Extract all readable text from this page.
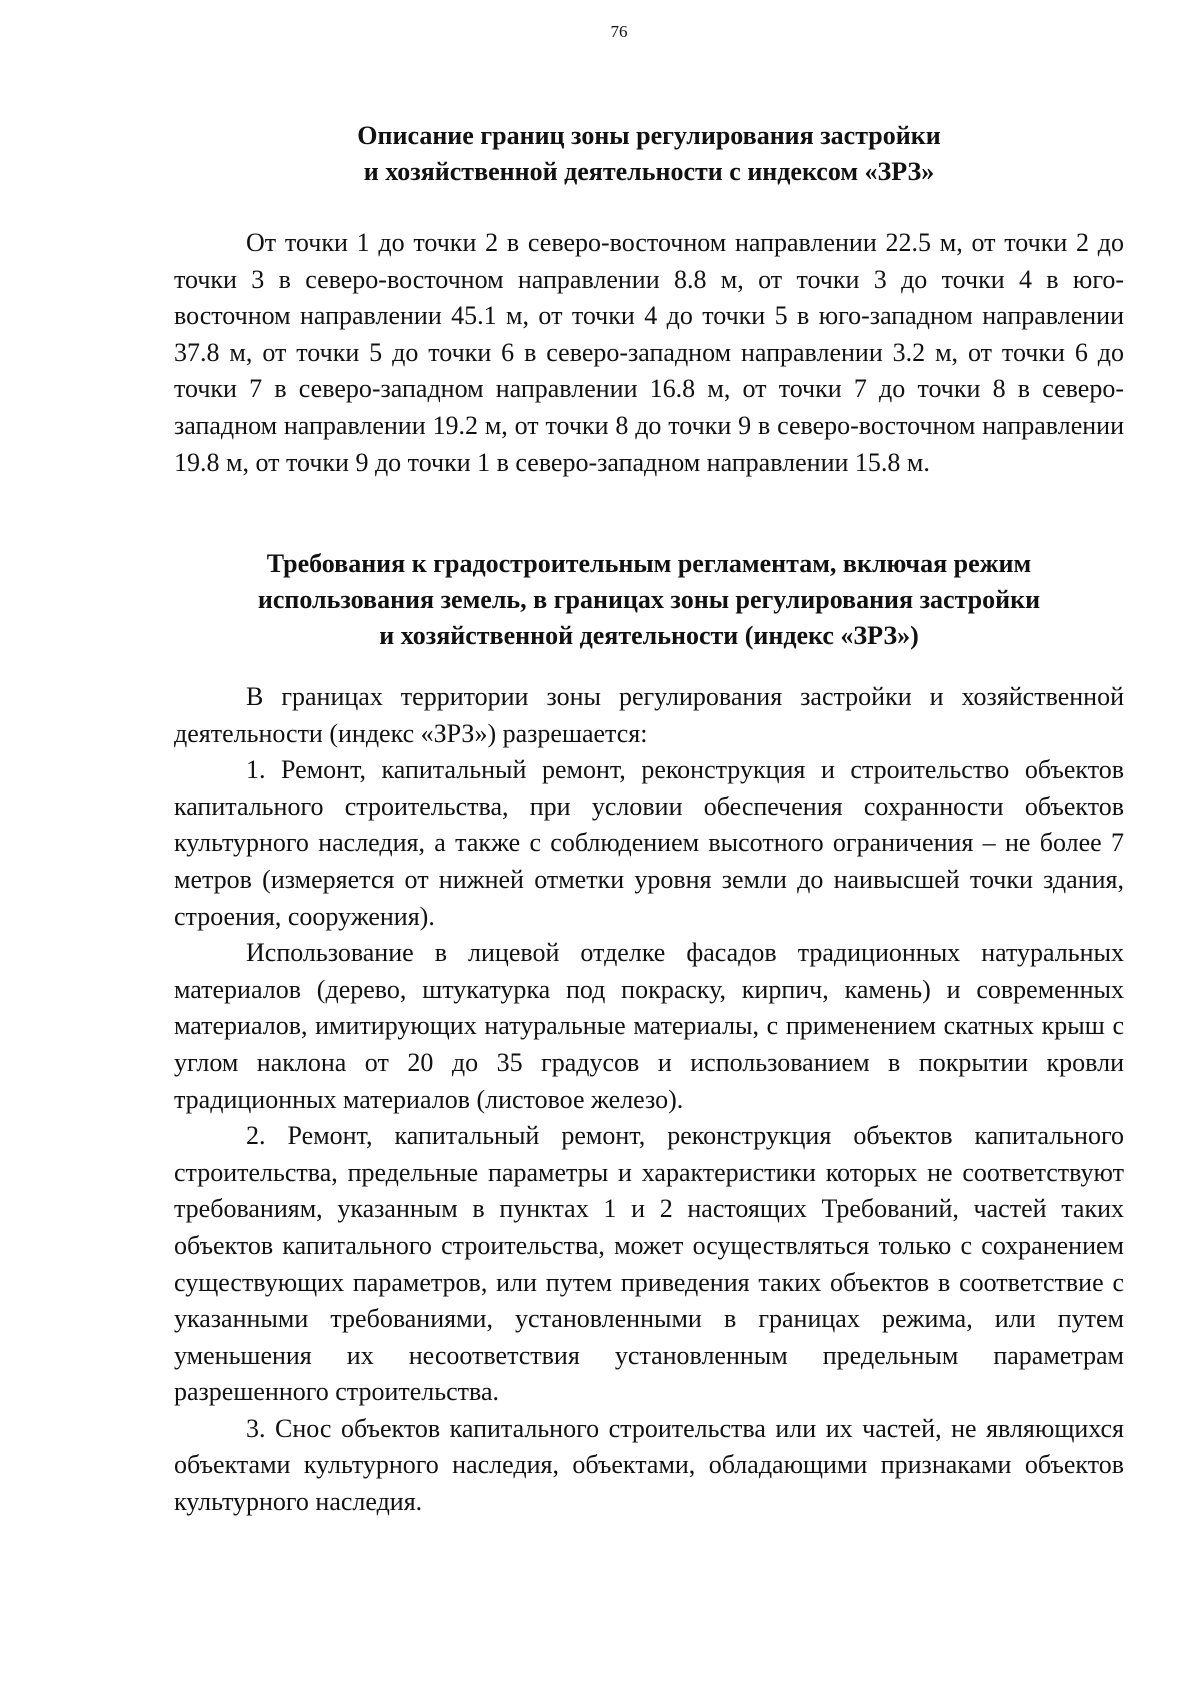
76
Описание границ зоны регулирования застройки
и хозяйственной деятельности с индексом «ЗРЗ»

От точки 1 до точки 2 в северо-восточном направлении 22.5 м, от точки 2 до точки 3 в северо-восточном направлении 8.8 м, от точки 3 до точки 4 в юго-восточном направлении 45.1 м, от точки 4 до точки 5 в юго-западном направлении 37.8 м, от точки 5 до точки 6 в северо-западном направлении 3.2 м, от точки 6 до точки 7 в северо-западном направлении 16.8 м, от точки 7 до точки 8 в северо-западном направлении 19.2 м, от точки 8 до точки 9 в северо-восточном направлении 19.8 м, от точки 9 до точки 1 в северо-западном направлении 15.8 м.

Требования к градостроительным регламентам, включая режим
использования земель, в границах зоны регулирования застройки
и хозяйственной деятельности (индекс «ЗРЗ»)

В границах территории зоны регулирования застройки и хозяйственной деятельности (индекс «ЗРЗ») разрешается:

1. Ремонт, капитальный ремонт, реконструкция и строительство объектов капитального строительства, при условии обеспечения сохранности объектов культурного наследия, а также с соблюдением высотного ограничения – не более 7 метров (измеряется от нижней отметки уровня земли до наивысшей точки здания, строения, сооружения).

Использование в лицевой отделке фасадов традиционных натуральных материалов (дерево, штукатурка под покраску, кирпич, камень) и современных материалов, имитирующих натуральные материалы, с применением скатных крыш с углом наклона от 20 до 35 градусов и использованием в покрытии кровли традиционных материалов (листовое железо).

2. Ремонт, капитальный ремонт, реконструкция объектов капитального строительства, предельные параметры и характеристики которых не соответствуют требованиям, указанным в пунктах 1 и 2 настоящих Требований, частей таких объектов капитального строительства, может осуществляться только с сохранением существующих параметров, или путем приведения таких объектов в соответствие с указанными требованиями, установленными в границах режима, или путем уменьшения их несоответствия установленным предельным параметрам разрешенного строительства.

3. Снос объектов капитального строительства или их частей, не являющихся объектами культурного наследия, объектами, обладающими признаками объектов культурного наследия.
